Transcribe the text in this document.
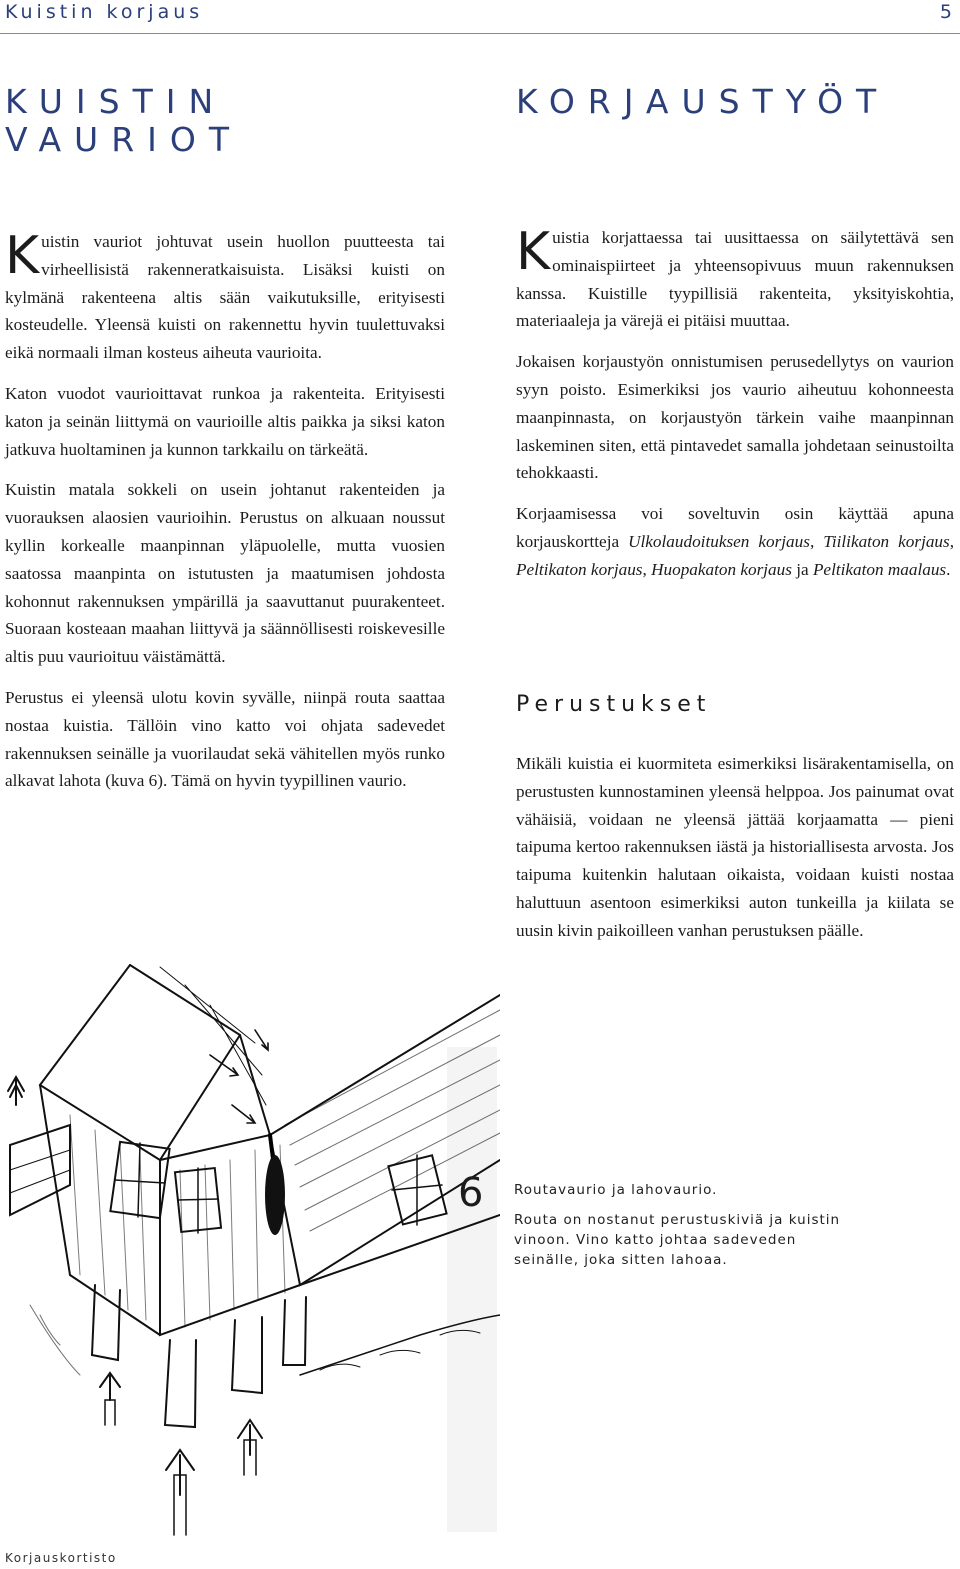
Kuistin korjaus	5
KUISTIN
VAURIOT
KORJAUSTYÖT

K uistin vauriot johtuvat usein huollon puutteesta tai virheellisistä rakenneratkaisuista. Lisäksi kuisti on kylmänä rakenteena altis sään vaikutuksille, erityisesti kosteudelle. Yleensä kuisti on rakennettu hyvin tuulettuvaksi eikä normaali ilman kosteus aiheuta vaurioita.

Katon vuodot vaurioittavat runkoa ja rakenteita. Erityisesti katon ja seinän liittymä on vaurioille altis paikka ja siksi katon jatkuva huoltaminen ja kunnon tarkkailu on tärkeätä.

Kuistin matala sokkeli on usein johtanut rakenteiden ja vuorauksen alaosien vaurioihin. Perustus on alkuaan noussut kyllin korkealle maanpinnan yläpuolelle, mutta vuosien saatossa maanpinta on istutusten ja maatumisen johdosta kohonnut rakennuksen ympärillä ja saavuttanut puurakenteet. Suoraan kosteaan maahan liittyvä ja säännöllisesti roiskevesille altis puu vaurioituu väistämättä.

Perustus ei yleensä ulotu kovin syvälle, niinpä routa saattaa nostaa kuistia. Tällöin vino katto voi ohjata sadevedet rakennuksen seinälle ja vuorilaudat sekä vähitellen myös runko alkavat lahota (kuva 6). Tämä on hyvin tyypillinen vaurio.

K uistia korjattaessa tai uusittaessa on säilytettävä sen ominaispiirteet ja yhteensopivuus muun rakennuksen kanssa. Kuistille tyypillisiä rakenteita, yksityiskohtia, materiaaleja ja värejä ei pitäisi muuttaa.

Jokaisen korjaustyön onnistumisen perusedellytys on vaurion syyn poisto. Esimerkiksi jos vaurio aiheutuu kohonneesta maanpinnasta, on korjaustyön tärkein vaihe maanpinnan laskeminen siten, että pintavedet samalla johdetaan seinustoilta tehokkaasti.

Korjaamisessa voi soveltuvin osin käyttää apuna korjauskortteja Ulkolaudoituksen korjaus, Tiilikaton korjaus, Peltikaton korjaus, Huopakaton korjaus ja Peltikaton maalaus.

Perustukset

Mikäli kuistia ei kuormiteta esimerkiksi lisärakentamisella, on perustusten kunnostaminen yleensä helppoa. Jos painumat ovat vähäisiä, voidaan ne yleensä jättää korjaamatta — pieni taipuma kertoo rakennuksen iästä ja historiallisesta arvosta. Jos taipuma kuitenkin halutaan oikaista, voidaan kuisti nostaa haluttuun asentoon esimerkiksi auton tunkeilla ja kiilata se uusin kivin paikoilleen vanhan perustuksen päälle.

6 Routavaurio ja lahovaurio.
Routa on nostanut perustuskiviä ja kuistin vinoon. Vino katto johtaa sadeveden seinälle, joka sitten lahoaa.
Korjauskortisto
